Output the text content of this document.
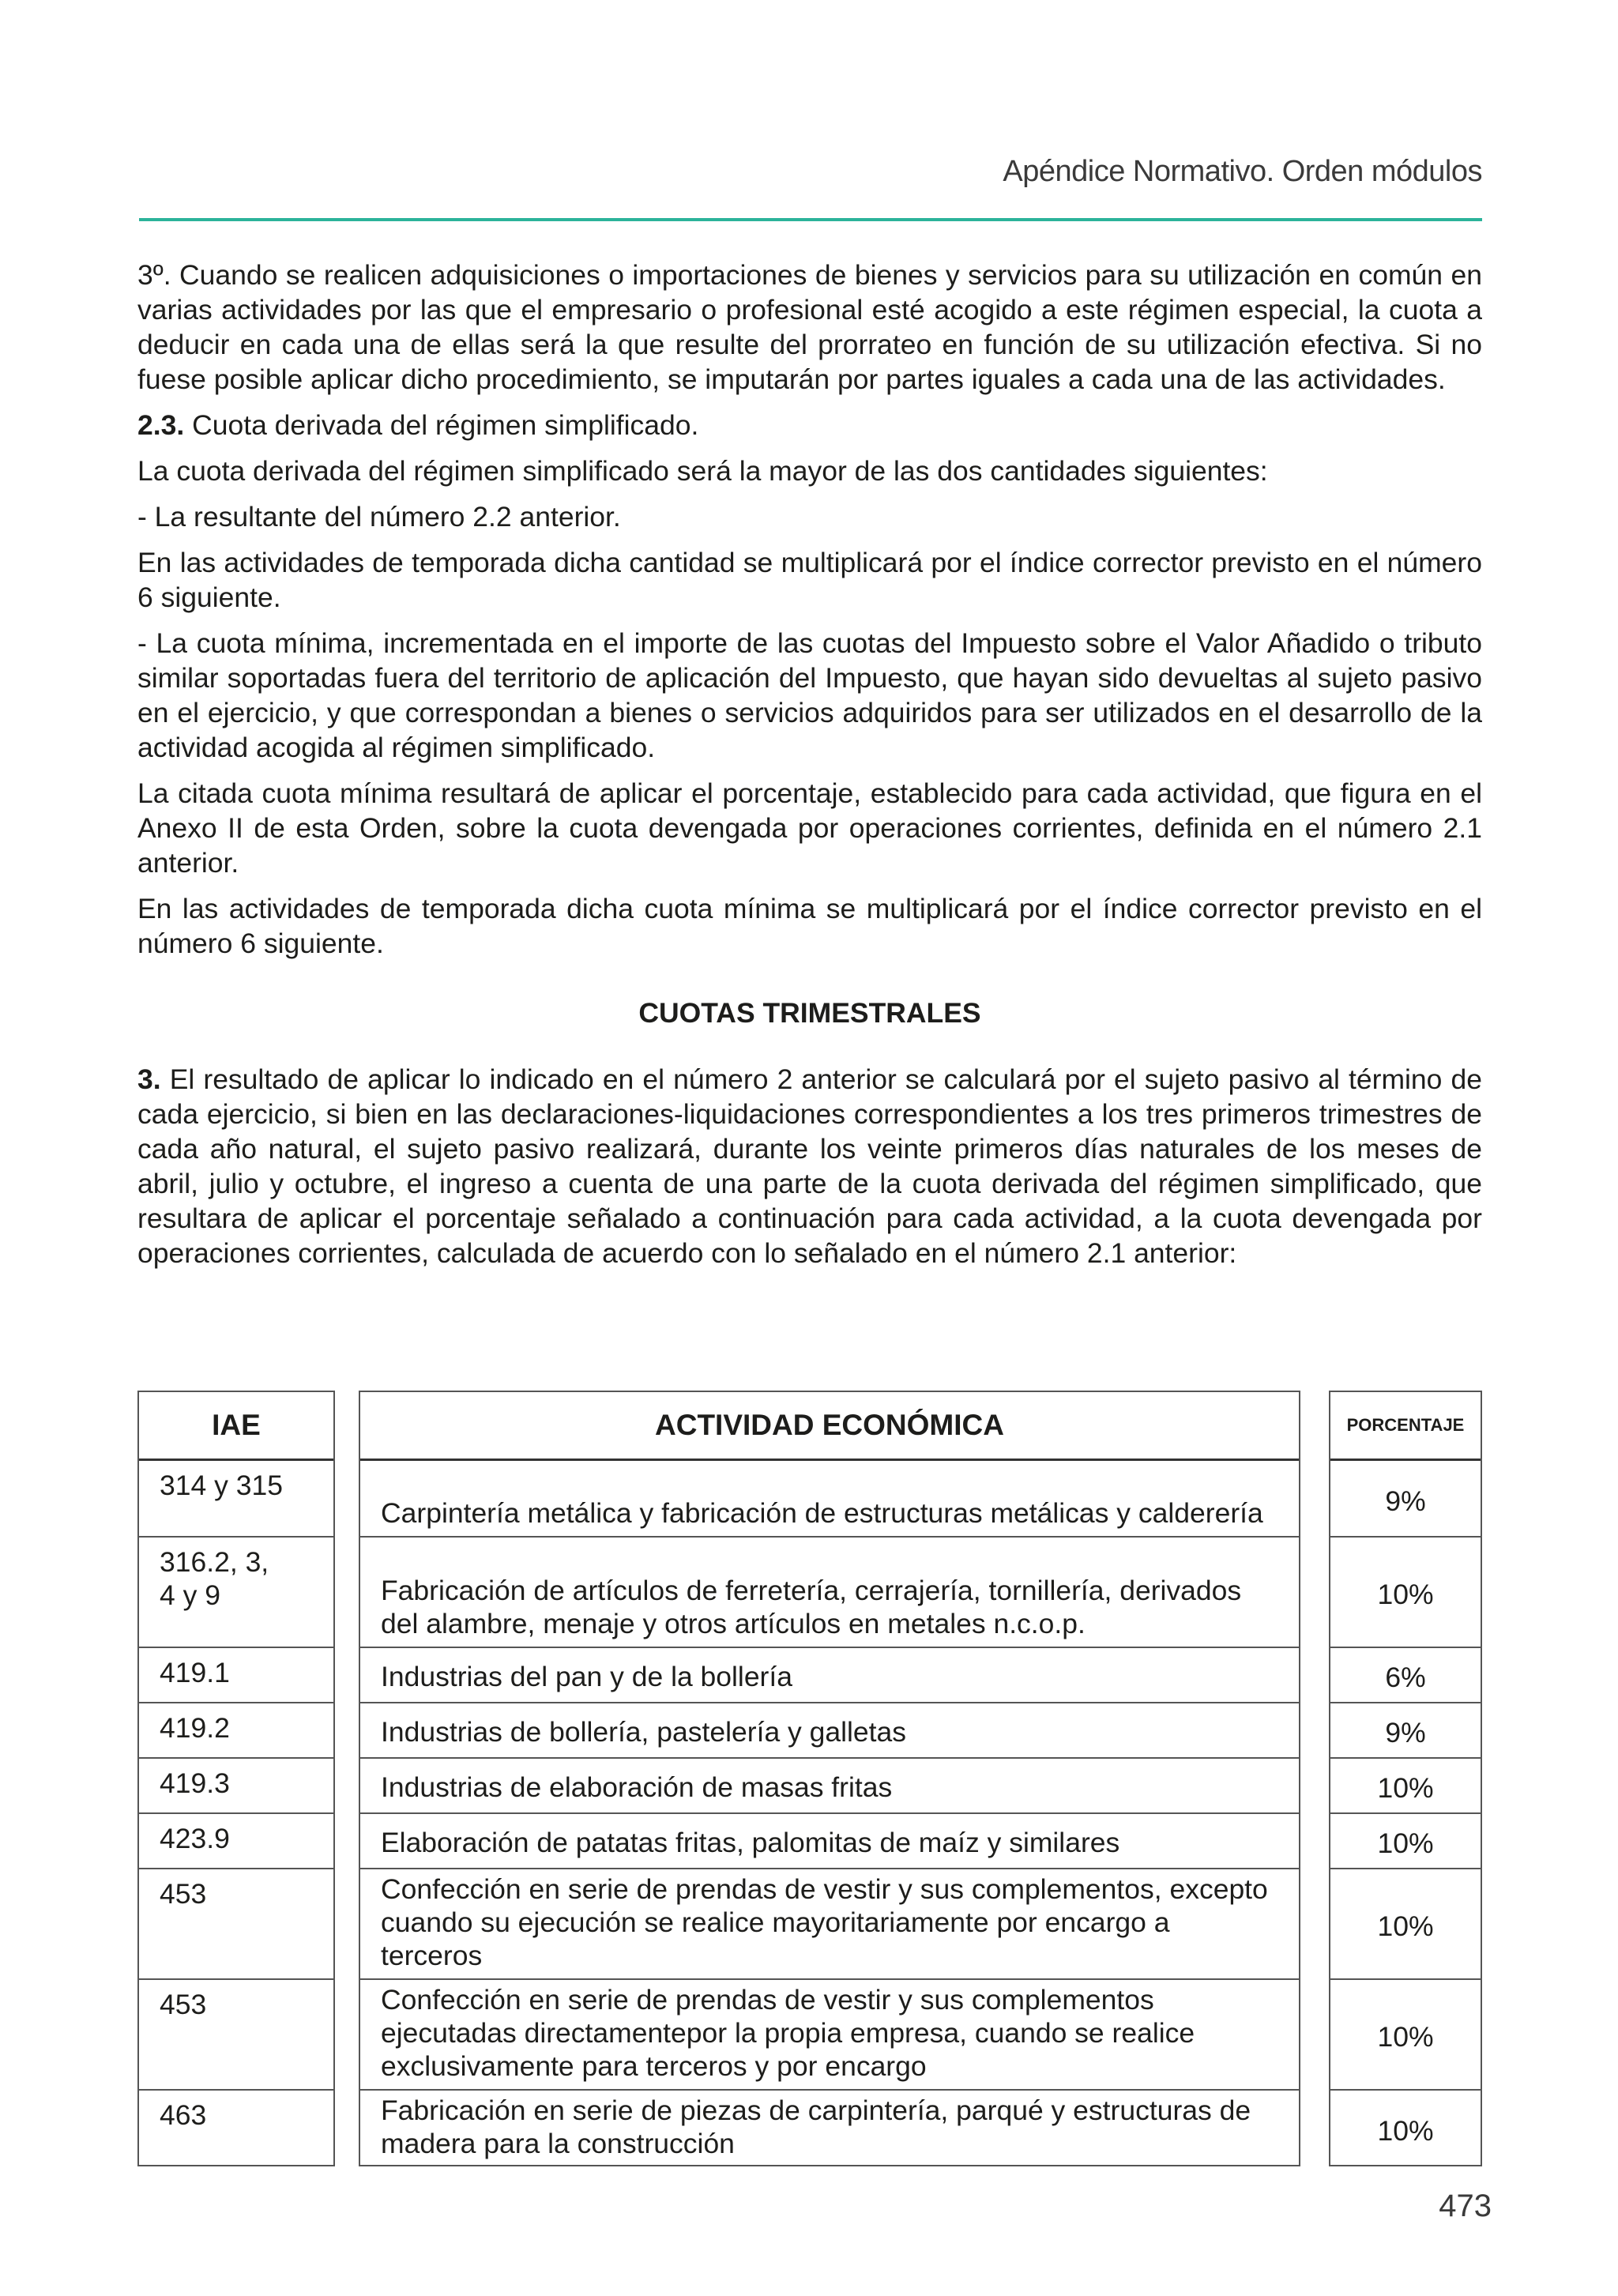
Apéndice Normativo. Orden módulos

3º. Cuando se realicen adquisiciones o importaciones de bienes y servicios para su utilización en común en varias actividades por las que el empresario o profesional esté acogido a este régimen especial, la cuota a deducir en cada una de ellas será la que resulte del prorrateo en función de su utilización efectiva. Si no fuese posible aplicar dicho procedimiento, se imputarán por partes iguales a cada una de las actividades.

2.3. Cuota derivada del régimen simplificado.

La cuota derivada del régimen simplificado será la mayor de las dos cantidades siguientes:

- La resultante del número 2.2 anterior.

En las actividades de temporada dicha cantidad se multiplicará por el índice corrector previsto en el número 6 siguiente.

- La cuota mínima, incrementada en el importe de las cuotas del Impuesto sobre el Valor Añadido o tributo similar soportadas fuera del territorio de aplicación del Impuesto, que hayan sido devueltas al sujeto pasivo en el ejercicio, y que correspondan a bienes o servicios adquiridos para ser utilizados en el desarrollo de la actividad acogida al régimen simplificado.

La citada cuota mínima resultará de aplicar el porcentaje, establecido para cada actividad, que figura en el Anexo II de esta Orden, sobre la cuota devengada por operaciones corrientes, definida en el número 2.1 anterior.

En las actividades de temporada dicha cuota mínima se multiplicará por el índice corrector previsto en el número 6 siguiente.

CUOTAS TRIMESTRALES

3. El resultado de aplicar lo indicado en el número 2 anterior se calculará por el sujeto pasivo al término de cada ejercicio, si bien en las declaraciones-liquidaciones correspondientes a los tres primeros trimestres de cada año natural, el sujeto pasivo realizará, durante los veinte primeros días naturales de los meses de abril, julio y octubre, el ingreso a cuenta de una parte de la cuota derivada del régimen simplificado, que resultara de aplicar el porcentaje señalado a continuación para cada actividad, a la cuota devengada por operaciones corrientes, calculada de acuerdo con lo señalado en el número 2.1 anterior:

IAE
314 y 315
316.2, 3,
4 y 9
419.1
419.2
419.3
423.9
453
453
463
ACTIVIDAD ECONÓMICA
Carpintería metálica y fabricación de estructuras metálicas y calderería
Fabricación de artículos de ferretería, cerrajería, tornillería, derivados del alambre, menaje y otros artículos en metales n.c.o.p.
Industrias del pan y de la bollería
Industrias de bollería, pastelería y galletas
Industrias de elaboración de masas fritas
Elaboración de patatas fritas, palomitas de maíz y similares
Confección en serie de prendas de vestir y sus complementos, excepto cuando su ejecución se realice mayoritariamente por encargo a terceros
Confección en serie de prendas de vestir y sus complementos ejecutadas directamentepor la propia empresa, cuando se realice exclusivamente para terceros y por encargo
Fabricación en serie de piezas de carpintería, parqué y estructuras de madera para la construcción
PORCENTAJE
9%
10%
6%
9%
10%
10%
10%
10%
10%
473
